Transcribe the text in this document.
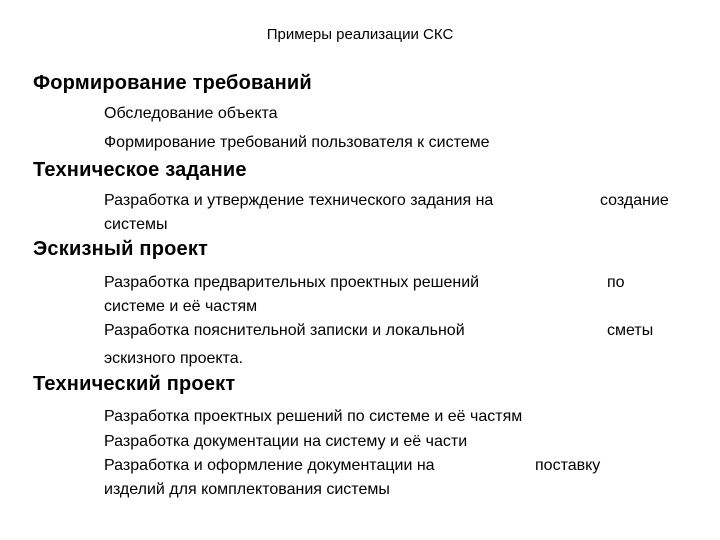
Примеры реализации СКС
Формирование требований
Обследование объекта
Формирование требований пользователя к системе
Техническое задание
Разработка и утверждение технического задания на	создание
системы
Эскизный проект
Разработка предварительных проектных решений	по
системе и её частям
Разработка пояснительной записки и локальной	сметы
эскизного проекта.
Технический проект
Разработка проектных решений по системе и её частям
Разработка документации на систему и её части
Разработка и оформление документации на	поставку
изделий для комплектования системы
